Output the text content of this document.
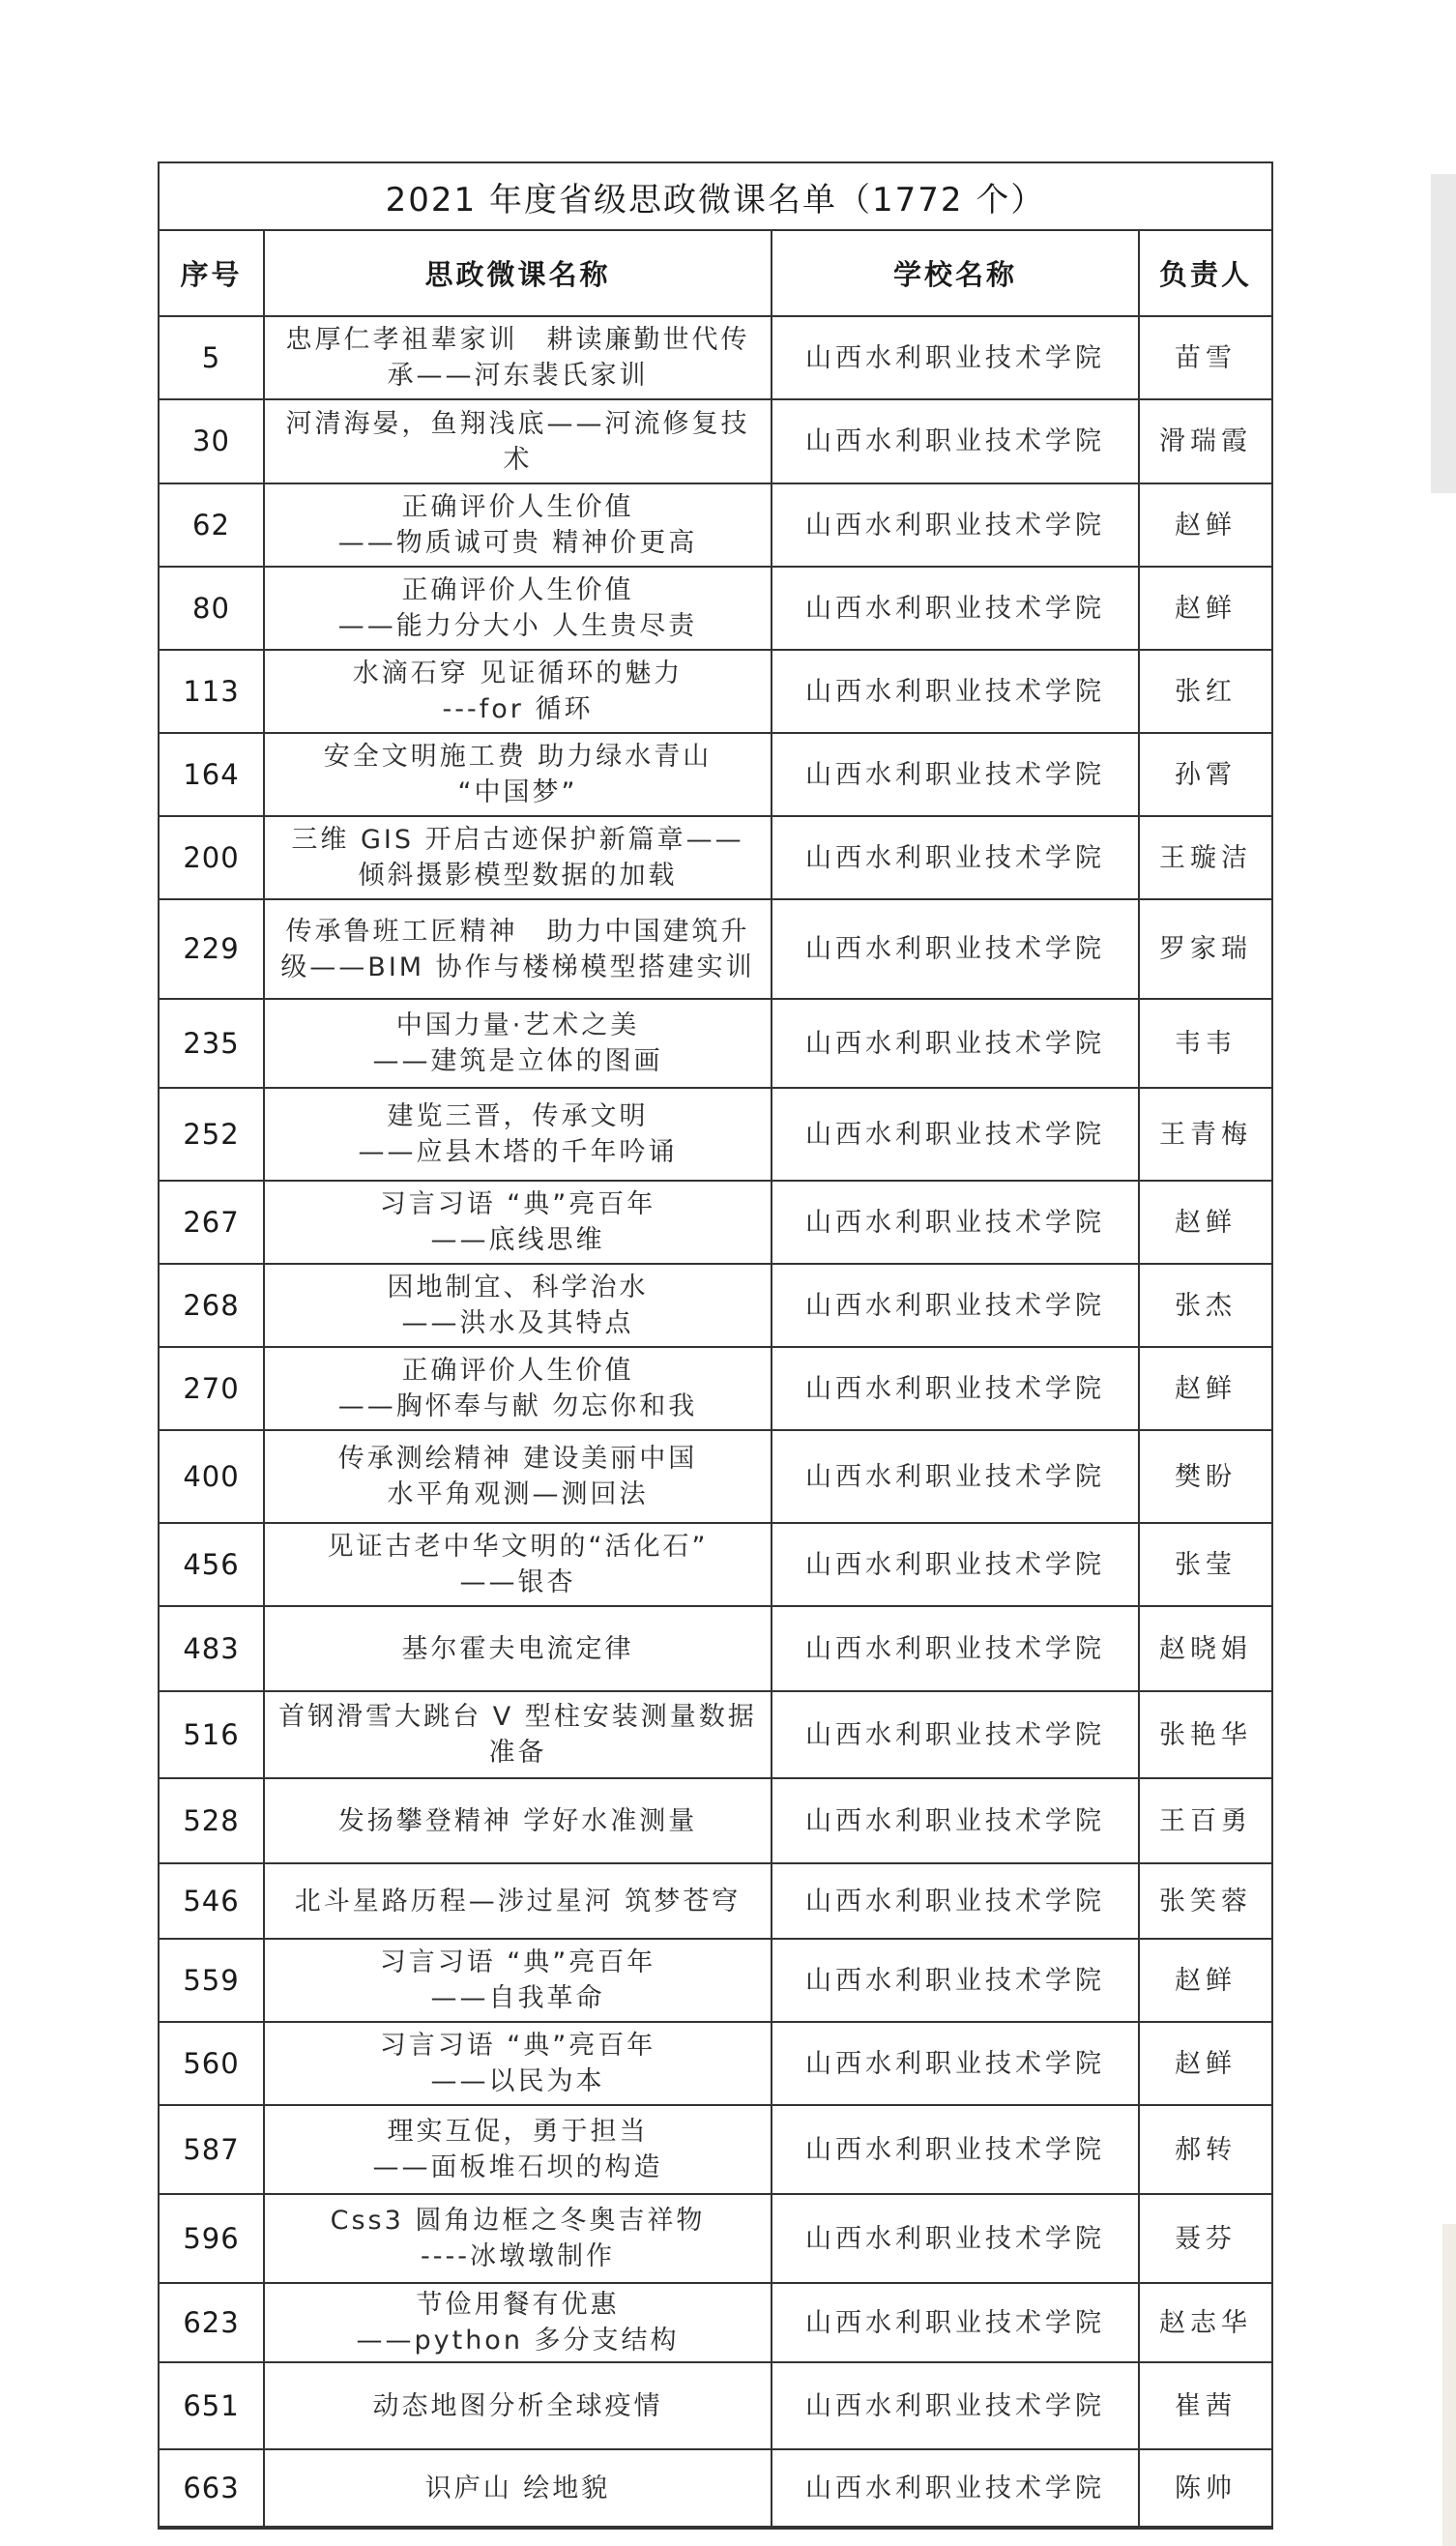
2021 年度省级思政微课名单（1772 个）
序号	思政微课名称	学校名称	负责人
5	忠厚仁孝祖辈家训　耕读廉勤世代传
承——河东裴氏家训	山西水利职业技术学院	苗雪
30	河清海晏，鱼翔浅底——河流修复技
术	山西水利职业技术学院	滑瑞霞
62	正确评价人生价值
——物质诚可贵 精神价更高	山西水利职业技术学院	赵鲜
80	正确评价人生价值
——能力分大小 人生贵尽责	山西水利职业技术学院	赵鲜
113	水滴石穿 见证循环的魅力
---for 循环	山西水利职业技术学院	张红
164	安全文明施工费 助力绿水青山
“中国梦”	山西水利职业技术学院	孙霄
200	三维 GIS 开启古迹保护新篇章——
倾斜摄影模型数据的加载	山西水利职业技术学院	王璇洁
229	传承鲁班工匠精神　助力中国建筑升
级——BIM 协作与楼梯模型搭建实训	山西水利职业技术学院	罗家瑞
235	中国力量·艺术之美
——建筑是立体的图画	山西水利职业技术学院	韦韦
252	建览三晋，传承文明
——应县木塔的千年吟诵	山西水利职业技术学院	王青梅
267	习言习语 “典”亮百年
——底线思维	山西水利职业技术学院	赵鲜
268	因地制宜、科学治水
——洪水及其特点	山西水利职业技术学院	张杰
270	正确评价人生价值
——胸怀奉与献 勿忘你和我	山西水利职业技术学院	赵鲜
400	传承测绘精神 建设美丽中国
水平角观测—测回法	山西水利职业技术学院	樊盼
456	见证古老中华文明的“活化石”
——银杏	山西水利职业技术学院	张莹
483	基尔霍夫电流定律	山西水利职业技术学院	赵晓娟
516	首钢滑雪大跳台 V 型柱安装测量数据
准备	山西水利职业技术学院	张艳华
528	发扬攀登精神 学好水准测量	山西水利职业技术学院	王百勇
546	北斗星路历程—涉过星河 筑梦苍穹	山西水利职业技术学院	张笑蓉
559	习言习语 “典”亮百年
——自我革命	山西水利职业技术学院	赵鲜
560	习言习语 “典”亮百年
——以民为本	山西水利职业技术学院	赵鲜
587	理实互促，勇于担当
——面板堆石坝的构造	山西水利职业技术学院	郝转
596	Css3 圆角边框之冬奥吉祥物
----冰墩墩制作	山西水利职业技术学院	聂芬
623	节俭用餐有优惠
——python 多分支结构	山西水利职业技术学院	赵志华
651	动态地图分析全球疫情	山西水利职业技术学院	崔茜
663	识庐山 绘地貌	山西水利职业技术学院	陈帅
